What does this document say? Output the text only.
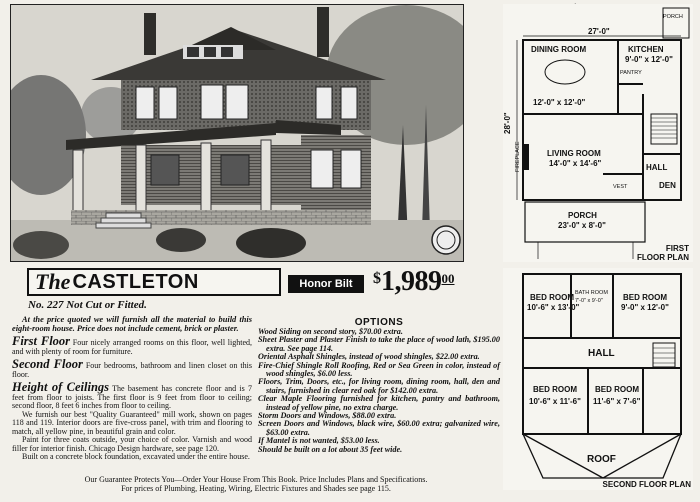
27'-0"
PORCH
DINING ROOM
12'-0" x 12'-0"
KITCHEN
9'-0" x 12'-0"
PANTRY
LIVING ROOM
14'-0" x 14'-6"	HALL
DEN
VEST
FIREPLACE
28'-0"
PORCH
23'-0" x 8'-0"
FIRST
FLOOR PLAN
BED ROOM
10'-6" x 13'-0"
BATH ROOM
7'-0" x 9'-0"	BED ROOM
9'-0" x 12'-0"
HALL
BED ROOM
10'-6" x 11'-6"
BED ROOM
11'-6" x 7'-6"
ROOF
SECOND FLOOR PLAN
The CASTLETON	Honor Bilt	$1,989$^{00}$
No. 227 Not Cut or Fitted.
At the price quoted we will furnish all the material to build this eight-room house. Price does not include cement, brick or plaster.
First Floor Four nicely arranged rooms on this floor, well lighted, and with plenty of room for furniture.
Second Floor Four bedrooms, bathroom and linen closet on this floor.
Height of Ceilings The basement has concrete floor and is 7 feet from floor to joists. The first floor is 9 feet from floor to ceiling; second floor, 8 feet 6 inches from floor to ceiling.
We furnish our best "Quality Guaranteed" mill work, shown on pages 118 and 119. Interior doors are five-cross panel, with trim and flooring to match, all yellow pine, in beautiful grain and color.
Paint for three coats outside, your choice of color. Varnish and wood filler for interior finish. Chicago Design hardware, see page 120.
Built on a concrete block foundation, excavated under the entire house.
OPTIONS
Wood Siding on second story, $70.00 extra.
Sheet Plaster and Plaster Finish to take the place of wood lath, $195.00 extra. See page 114.
Oriental Asphalt Shingles, instead of wood shingles, $22.00 extra.
Fire-Chief Shingle Roll Roofing, Red or Sea Green in color, instead of wood shingles, $6.00 less.
Floors, Trim, Doors, etc., for living room, dining room, hall, den and stairs, furnished in clear red oak for $142.00 extra.
Clear Maple Flooring furnished for kitchen, pantry and bathroom, instead of yellow pine, no extra charge.
Storm Doors and Windows, $88.00 extra.
Screen Doors and Windows, black wire, $60.00 extra; galvanized wire, $63.00 extra.
If Mantel is not wanted, $53.00 less.
Should be built on a lot about 35 feet wide.
Our Guarantee Protects You—Order Your House From This Book. Price Includes Plans and Specifications.
For prices of Plumbing, Heating, Wiring, Electric Fixtures and Shades see page 115.
